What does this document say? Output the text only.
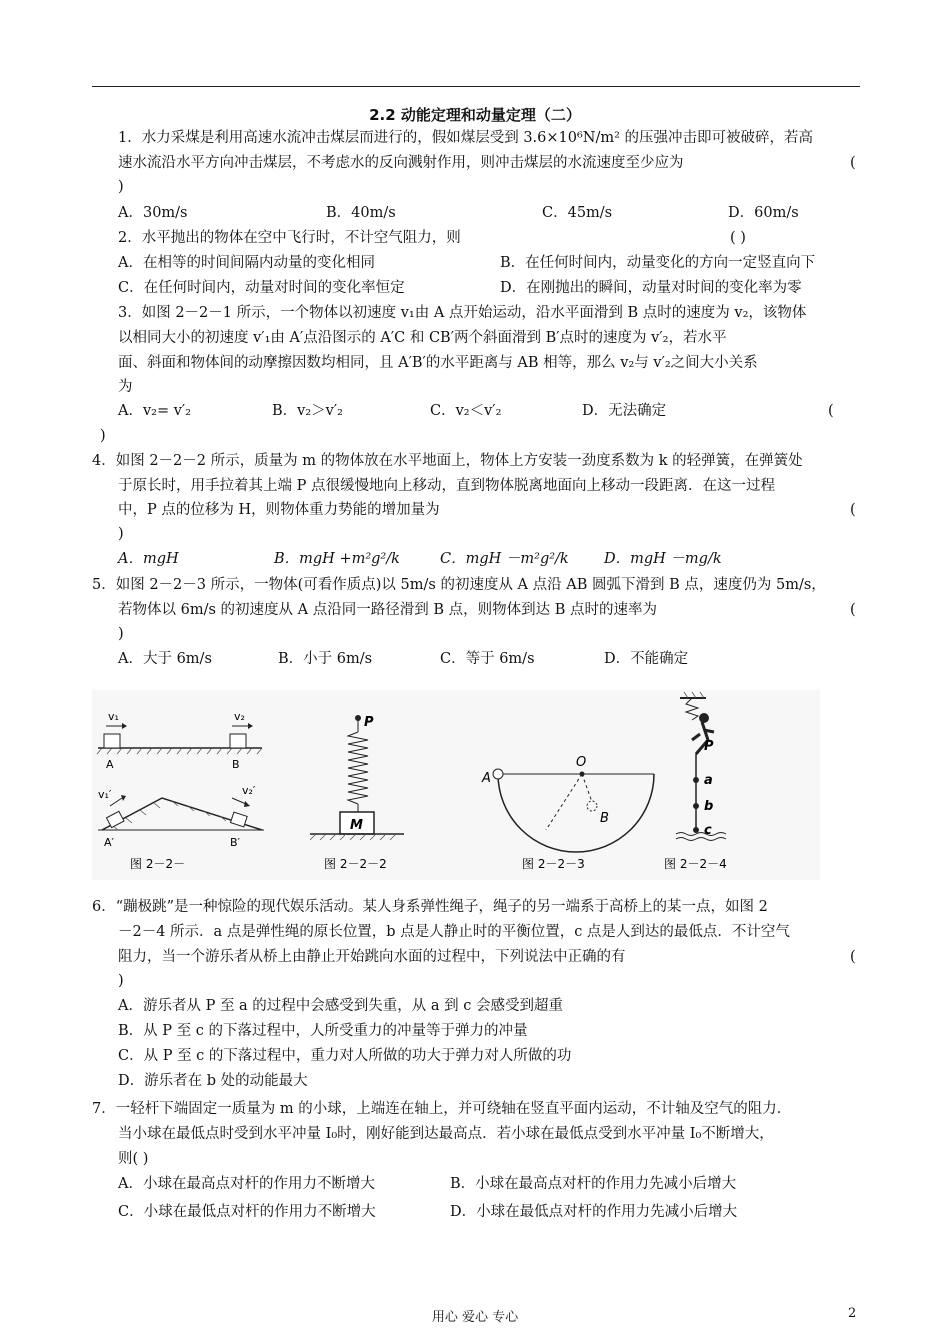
2.2 动能定理和动量定理（二）
1．水力采煤是利用高速水流冲击煤层而进行的，假如煤层受到 3.6×10⁶N/m² 的压强冲击即可被破碎，若高
速水流沿水平方向冲击煤层，不考虑水的反向溅射作用，则冲击煤层的水流速度至少应为	(
)
A．30m/s	B．40m/s	C．45m/s	D．60m/s
2．水平抛出的物体在空中飞行时，不计空气阻力，则	( )
A．在相等的时间间隔内动量的变化相同	B．在任何时间内，动量变化的方向一定竖直向下
C．在任何时间内，动量对时间的变化率恒定	D．在刚抛出的瞬间，动量对时间的变化率为零
3．如图 2－2－1 所示，一个物体以初速度 v₁由 A 点开始运动，沿水平面滑到 B 点时的速度为 v₂，该物体
以相同大小的初速度 v′₁由 A′点沿图示的 A′C 和 CB′两个斜面滑到 B′点时的速度为 v′₂，若水平
面、斜面和物体间的动摩擦因数均相同，且 A′B′的水平距离与 AB 相等，那么 v₂与 v′₂之间大小关系
为
A．v₂= v′₂	B．v₂＞v′₂	C．v₂＜v′₂	D．无法确定	(
)
4．如图 2－2－2 所示，质量为 m 的物体放在水平地面上，物体上方安装一劲度系数为 k 的轻弹簧，在弹簧处
于原长时，用手拉着其上端 P 点很缓慢地向上移动，直到物体脱离地面向上移动一段距离．在这一过程
中，P 点的位移为 H，则物体重力势能的增加量为	(
)
A．mgH	B．mgH +m²g²/k	C．mgH －m²g²/k D．mgH －mg/k
5．如图 2－2－3 所示，一物体(可看作质点)以 5m/s 的初速度从 A 点沿 AB 圆弧下滑到 B 点，速度仍为 5m/s，
若物体以 6m/s 的初速度从 A 点沿同一路径滑到 B 点，则物体到达 B 点时的速率为	(
)
A．大于 6m/s	B．小于 6m/s	C．等于 6m/s	D．不能确定
v₁	v₂
A	B
v₁′	v₂′
A′	B′
图 2－2－
P
M
图 2－2－2
A
O
B
图 2－2－3
P
a
b
c
图 2－2－4
6．“蹦极跳”是一种惊险的现代娱乐活动。某人身系弹性绳子，绳子的另一端系于高桥上的某一点，如图 2
－2－4 所示．a 点是弹性绳的原长位置，b 点是人静止时的平衡位置，c 点是人到达的最低点．不计空气
阻力，当一个游乐者从桥上由静止开始跳向水面的过程中，下列说法中正确的有	(
)
A．游乐者从 P 至 a 的过程中会感受到失重，从 a 到 c 会感受到超重
B．从 P 至 c 的下落过程中，人所受重力的冲量等于弹力的冲量
C．从 P 至 c 的下落过程中，重力对人所做的功大于弹力对人所做的功
D．游乐者在 b 处的动能最大
7．一轻杆下端固定一质量为 m 的小球，上端连在轴上，并可绕轴在竖直平面内运动，不计轴及空气的阻力．
当小球在最低点时受到水平冲量 I₀时，刚好能到达最高点．若小球在最低点受到水平冲量 I₀不断增大，
则( )
A．小球在最高点对杆的作用力不断增大	B．小球在最高点对杆的作用力先减小后增大
C．小球在最低点对杆的作用力不断增大	D．小球在最低点对杆的作用力先减小后增大
用心 爱心 专心	2
